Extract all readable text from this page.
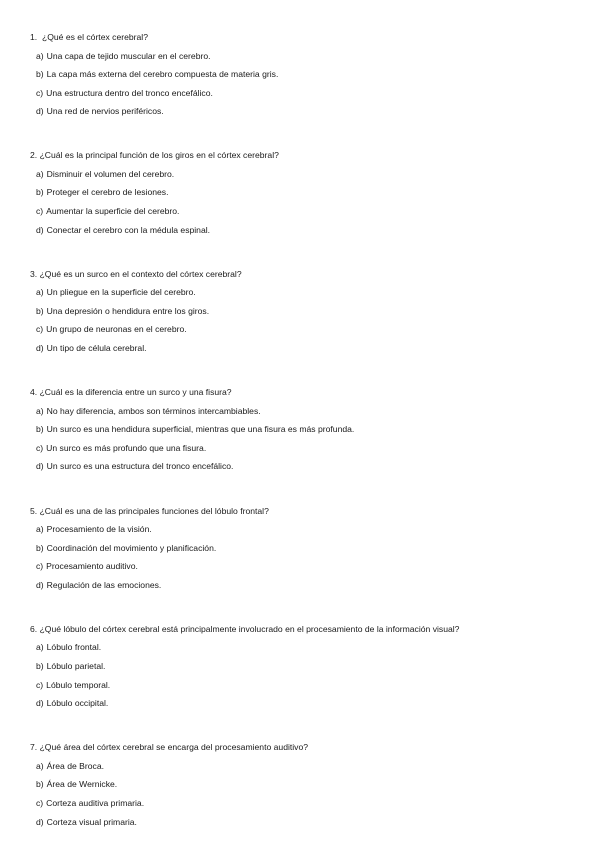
1. ¿Qué es el córtex cerebral?
a) Una capa de tejido muscular en el cerebro.
b) La capa más externa del cerebro compuesta de materia gris.
c) Una estructura dentro del tronco encefálico.
d) Una red de nervios periféricos.
2. ¿Cuál es la principal función de los giros en el córtex cerebral?
a) Disminuir el volumen del cerebro.
b) Proteger el cerebro de lesiones.
c) Aumentar la superficie del cerebro.
d) Conectar el cerebro con la médula espinal.
3. ¿Qué es un surco en el contexto del córtex cerebral?
a) Un pliegue en la superficie del cerebro.
b) Una depresión o hendidura entre los giros.
c) Un grupo de neuronas en el cerebro.
d) Un tipo de célula cerebral.
4. ¿Cuál es la diferencia entre un surco y una fisura?
a) No hay diferencia, ambos son términos intercambiables.
b) Un surco es una hendidura superficial, mientras que una fisura es más profunda.
c) Un surco es más profundo que una fisura.
d) Un surco es una estructura del tronco encefálico.
5. ¿Cuál es una de las principales funciones del lóbulo frontal?
a) Procesamiento de la visión.
b) Coordinación del movimiento y planificación.
c) Procesamiento auditivo.
d) Regulación de las emociones.
6. ¿Qué lóbulo del córtex cerebral está principalmente involucrado en el procesamiento de la información visual?
a) Lóbulo frontal.
b) Lóbulo parietal.
c) Lóbulo temporal.
d) Lóbulo occipital.
7. ¿Qué área del córtex cerebral se encarga del procesamiento auditivo?
a) Área de Broca.
b) Área de Wernicke.
c) Corteza auditiva primaria.
d) Corteza visual primaria.
